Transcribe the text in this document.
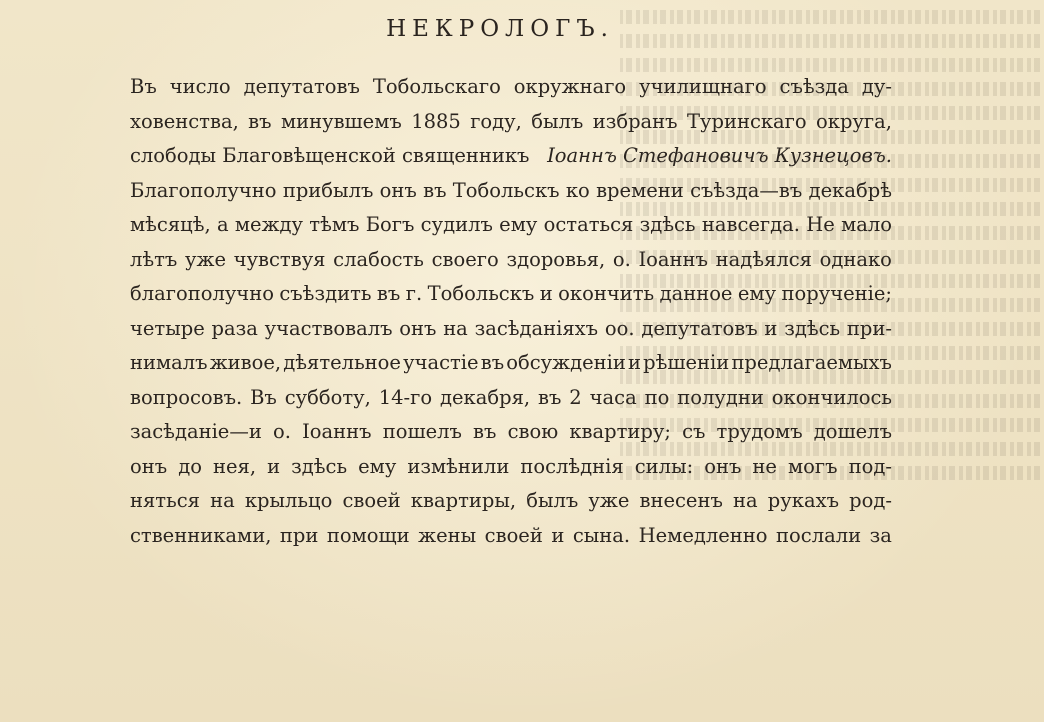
НЕКРОЛОГЪ.
Въ число депутатовъ Тобольскаго окружнаго училищнаго съѣзда ду-
ховенства, въ минувшемъ 1885 году, былъ избранъ Туринскаго округа,
слободы Благовѣщенской священникъ Іоаннъ Стефановичъ Кузнецовъ.
Благополучно прибылъ онъ въ Тобольскъ ко времени съѣзда—въ декабрѣ
мѣсяцѣ, а между тѣмъ Богъ судилъ ему остаться здѣсь навсегда. Не мало
лѣтъ уже чувствуя слабость своего здоровья, о. Іоаннъ надѣялся однако
благополучно съѣздить въ г. Тобольскъ и окончить данное ему порученіе;
четыре раза участвовалъ онъ на засѣданіяхъ оо. депутатовъ и здѣсь при-
нималъ живое, дѣятельное участіе въ обсужденіи и рѣшеніи предлагаемыхъ
вопросовъ. Въ субботу, 14-го декабря, въ 2 часа по полудни окончилось
засѣданіе—и о. Іоаннъ пошелъ въ свою квартиру; съ трудомъ дошелъ
онъ до нея, и здѣсь ему измѣнили послѣднія силы: онъ не могъ под-
няться на крыльцо своей квартиры, былъ уже внесенъ на рукахъ род-
ственниками, при помощи жены своей и сына. Немедленно послали за
